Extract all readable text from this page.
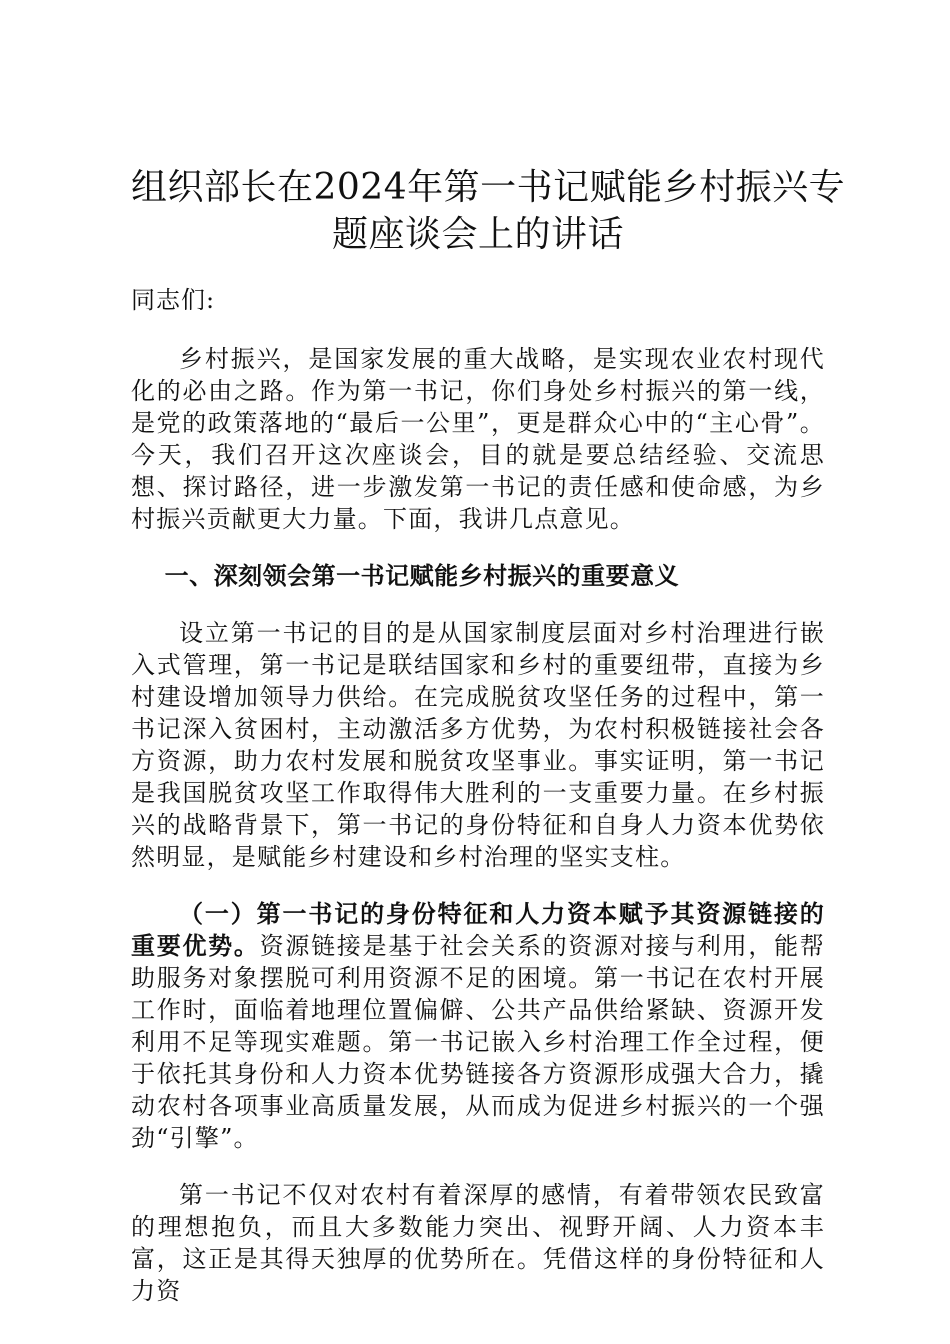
组织部长在2024年第一书记赋能乡村振兴专
题座谈会上的讲话

同志们:

乡村振兴，是国家发展的重大战略，是实现农业农村现代化的必由之路。作为第一书记，你们身处乡村振兴的第一线，是党的政策落地的“最后一公里”，更是群众心中的“主心骨”。今天，我们召开这次座谈会，目的就是要总结经验、交流思想、探讨路径，进一步激发第一书记的责任感和使命感，为乡村振兴贡献更大力量。下面，我讲几点意见。

一、深刻领会第一书记赋能乡村振兴的重要意义

设立第一书记的目的是从国家制度层面对乡村治理进行嵌入式管理，第一书记是联结国家和乡村的重要纽带，直接为乡村建设增加领导力供给。在完成脱贫攻坚任务的过程中，第一书记深入贫困村，主动激活多方优势，为农村积极链接社会各方资源，助力农村发展和脱贫攻坚事业。事实证明，第一书记是我国脱贫攻坚工作取得伟大胜利的一支重要力量。在乡村振兴的战略背景下，第一书记的身份特征和自身人力资本优势依然明显，是赋能乡村建设和乡村治理的坚实支柱。

（一）第一书记的身份特征和人力资本赋予其资源链接的重要优势。资源链接是基于社会关系的资源对接与利用，能帮助服务对象摆脱可利用资源不足的困境。第一书记在农村开展工作时，面临着地理位置偏僻、公共产品供给紧缺、资源开发利用不足等现实难题。第一书记嵌入乡村治理工作全过程，便于依托其身份和人力资本优势链接各方资源形成强大合力，撬动农村各项事业高质量发展，从而成为促进乡村振兴的一个强劲“引擎”。

第一书记不仅对农村有着深厚的感情，有着带领农民致富的理想抱负，而且大多数能力突出、视野开阔、人力资本丰富，这正是其得天独厚的优势所在。凭借这样的身份特征和人力资
